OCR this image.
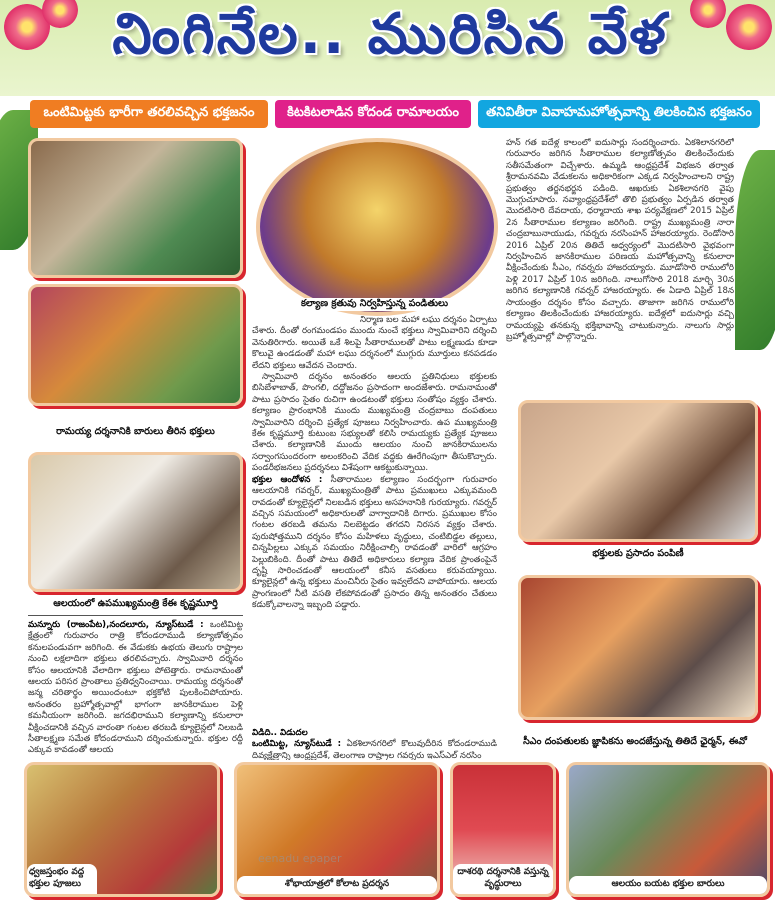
నింగినేల.. మురిసిన వేళ
ఒంటిమిట్టకు భారీగా తరలివచ్చిన భక్తజనం	కిటకిటలాడిన కోదండ రామాలయం	తనివితీరా వివాహమహోత్సవాన్ని తిలకించిన భక్తజనం
రామయ్య దర్శనానికి బారులు తీరిన భక్తులు
ఆలయంలో ఉపముఖ్యమంత్రి కేఈ కృష్ణమూర్తి
మన్నూరు (రాజంపేట),నందలూరు, న్యూస్‌టుడే : ఒంటిమిట్ట క్షేత్రంలో గురువారం రాత్రి కోదండరాముడి కల్యాణోత్సవం కనులపండువగా జరిగింది. ఈ వేడుకకు ఉభయ తెలుగు రాష్ట్రాల నుంచి లక్షలాదిగా భక్తులు తరలివచ్చారు. స్వామివారి దర్శనం కోసం ఆలయానికి వేలాదిగా భక్తులు పోటెత్తారు. రామనామంతో ఆలయ పరిసర ప్రాంతాలు ప్రతిధ్వనించాయి. రామయ్య దర్శనంతో జన్మ చరితార్థం అయిందంటూ భక్తకోటి పులకించిపోయారు. అనంతరం బ్రహ్మోత్సవాల్లో భాగంగా జానకిరాముల పెళ్లి కమనీయంగా జరిగింది. జగదభిరాముని కల్యాణాన్ని కనులారా వీక్షించడానికి వచ్చిన వారంతా గంటల తరబడి క్యూలైన్లలో నిలబడి సీతాలక్ష్మణ సమేత కోదండరాముని దర్శించుకున్నారు. భక్తుల రద్దీ ఎక్కువ కావడంతో ఆలయ
కల్యాణ క్రతువు నిర్వహిస్తున్న పండితులు

నిర్మాణ బల మహా లఘు దర్శనం ఏర్పాటు

చేశారు. దీంతో రంగమండపం ముందు నుంచే భక్తులు స్వామివారిని దర్శించి వెనుతిరిగారు. అయితే ఒకే శిలపై సీతారాములతో పాటు లక్ష్మణుడు కూడా కొలువై ఉండడంతో మహా లఘు దర్శనంలో ముగ్గురు మూర్తులు కనపడడం లేదని భక్తులు ఆవేదన చెందారు.

స్వామివారి దర్శనం అనంతరం ఆలయ ప్రతినిధులు భక్తులకు బిసిబేళాబాత్, పొంగలి, దద్దోజనం ప్రసాదంగా అందజేశారు. రామనామంతో పాటు ప్రసాదం సైతం రుచిగా ఉండటంతో భక్తులు సంతోషం వ్యక్తం చేశారు. కల్యాణం ప్రారంభానికి ముందు ముఖ్యమంత్రి చంద్రబాబు దంపతులు స్వామివారిని దర్శించి ప్రత్యేక పూజలు నిర్వహించారు. ఉప ముఖ్యమంత్రి కేఈ కృష్ణమూర్తి కుటుంబ సభ్యులతో కలిసి రామయ్యకు ప్రత్యేక పూజలు చేశారు. కల్యాణానికి ముందు ఆలయం నుంచి జానకిరాములను సర్వాంగసుందరంగా అలంకరించి వేదిక వద్దకు ఊరేగింపుగా తీసుకొచ్చారు. పండరీభజనలు ప్రదర్శనలు విశేషంగా ఆకట్టుకున్నాయి.

భక్తుల ఆందోళన : సీతారాముల కల్యాణం సందర్భంగా గురువారం ఆలయానికి గవర్నర్, ముఖ్యమంత్రితో పాటు ప్రముఖులు ఎక్కువమంది రావడంతో క్యూలైన్లలో నిలబడిన భక్తులు అసహనానికి గురయ్యారు. గవర్నర్ వచ్చిన సమయంలో అధికారులతో వాగ్వాదానికి దిగారు. ప్రముఖుల కోసం గంటల తరబడి తమను నిలబెట్టడం తగదని నిరసన వ్యక్తం చేశారు. పురుషోత్తముని దర్శనం కోసం మహిళలు వృద్ధులు, చంటిబిడ్డల తల్లులు, చిన్నపిల్లలు ఎక్కువ సమయం నిరీక్షించాల్సి రావడంతో వారిలో ఆగ్రహం పెల్లుబికింది. దీంతో పాటు తితిదే అధికారులు కల్యాణ వేదిక ప్రాంతంపైనే దృష్టి సారించడంతో ఆలయంలో కనీస వసతులు కరువయ్యాయి. క్యూలైన్లలో ఉన్న భక్తులు మంచినీరు సైతం ఇవ్వలేదని వాపోయారు. ఆలయ ప్రాంగణంలో నీటి వసతి లేకపోవడంతో ప్రసాదం తిన్న అనంతరం చేతులు కడుక్కోవాలన్నా ఇబ్బంది పడ్డారు.

విడిది.. విడుదల
ఒంటిమిట్ట, న్యూస్‌టుడే : ఏకశిలానగరిలో కొలువుదీరిన కోదండరాముడి దివ్యక్షేత్రాన్ని ఆంధ్రప్రదేశ్, తెలంగాణ రాష్ట్రాల గవర్నరు ఇఎస్ఎల్ నరసిం
హన్ గత ఐదేళ్ల కాలంలో ఐదుసార్లు సందర్శించారు. ఏకశిలానగరిలో గురువారం జరిగిన సీతారాముల కల్యాణోత్సవం తిలకించేందుకు సతీసమేతంగా విచ్చేశారు. ఉమ్మడి ఆంధ్రప్రదేశ్ విభజన తర్వాత శ్రీరామనవమి వేడుకలను అధికారికంగా ఎక్కడ నిర్వహించాలని రాష్ట్ర ప్రభుత్వం తర్జనభర్జన పడింది. ఆఖరుకు ఏకశిలానగరి వైపు మొగ్గుచూపారు. నవ్యాంధ్రప్రదేశ్‌లో తొలి ప్రభుత్వం ఏర్పడిన తర్వాత మొదటిసారి దేవదాయ, ధర్మాదాయ శాఖ పర్యవేక్షణలో 2015 ఏప్రిల్ 2న సీతారాముల కల్యాణం జరిగింది. రాష్ట్ర ముఖ్యమంత్రి నారా చంద్రబాబునాయుడు, గవర్నరు నరసింహన్ హాజరయ్యారు. రెండోసారి 2016 ఏప్రిల్ 20న తితిదే ఆధ్వర్యంలో మొదటిసారి వైభవంగా నిర్వహించిన జానకిరాముల పరిణయ మహోత్సవాన్ని కనులారా వీక్షించేందుకు సీఎం, గవర్నరు హాజరయ్యారు. మూడోసారి రాములోరి పెళ్లి 2017 ఏప్రిల్ 10న జరిగింది. నాలుగోసారి 2018 మార్చి 30న జరిగిన కల్యాణానికి గవర్నర్ హాజరయ్యారు. ఈ ఏడాది ఏప్రిల్ 18న సాయంత్రం దర్శనం కోసం వచ్చారు. తాజాగా జరిగిన రాములోరి కల్యాణం తిలకించేందుకు హాజరయ్యారు. ఐదేళ్లలో ఐదుసార్లు వచ్చి రామయ్యపై తనకున్న భక్తిభావాన్ని చాటుకున్నారు. నాలుగు సార్లు బ్రహ్మోత్సవాల్లో పాల్గొన్నారు.
భక్తులకు ప్రసాదం పంపిణీ
సీఎం దంపతులకు జ్ఞాపికను అందజేస్తున్న తితిదే ఛైర్మన్, ఈవో
ధ్వజస్తంభం వద్ద భక్తుల పూజలు	శోభాయాత్రలో కోలాట ప్రదర్శన
eenadu epaper
దాశరథి దర్శనానికి వస్తున్న వృద్ధురాలు	ఆలయం బయట భక్తుల బారులు
